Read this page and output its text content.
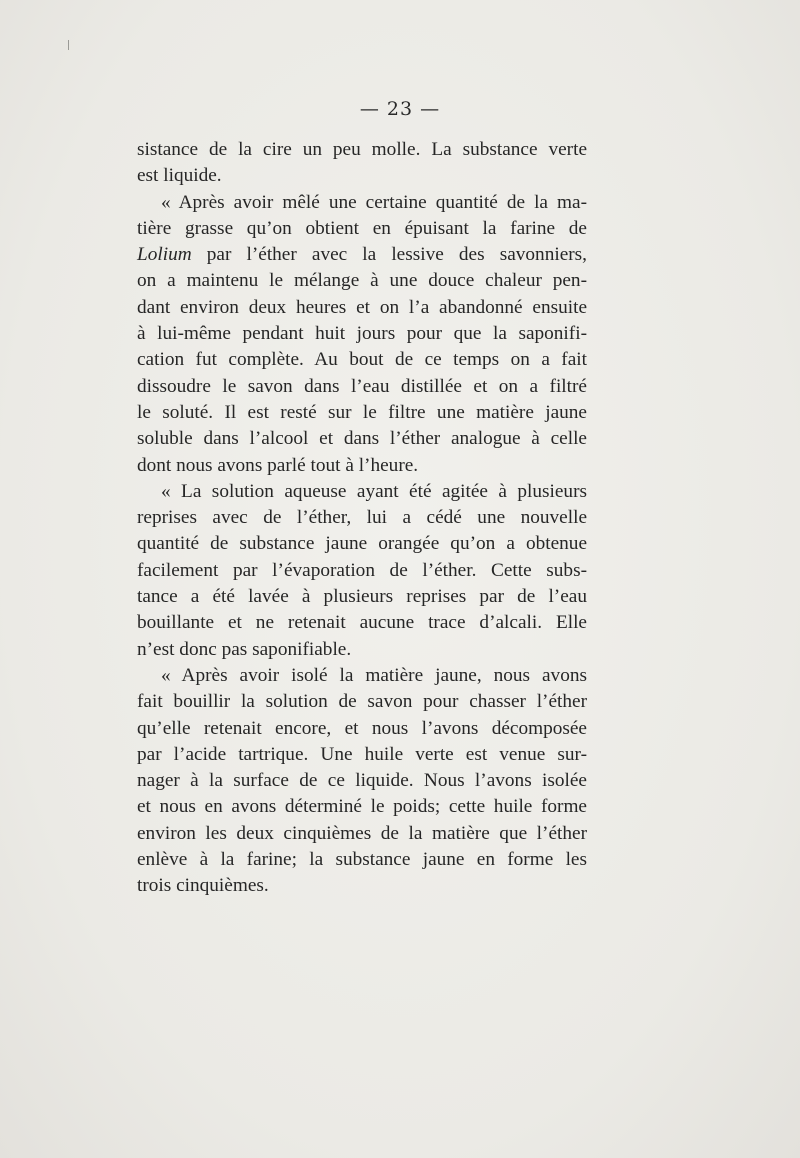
— 23 —
sistance de la cire un peu molle. La substance verte
est liquide.
« Après avoir mêlé une certaine quantité de la ma-
tière grasse qu’on obtient en épuisant la farine de
Lolium par l’éther avec la lessive des savonniers,
on a maintenu le mélange à une douce chaleur pen-
dant environ deux heures et on l’a abandonné ensuite
à lui-même pendant huit jours pour que la saponifi-
cation fut complète. Au bout de ce temps on a fait
dissoudre le savon dans l’eau distillée et on a filtré
le soluté. Il est resté sur le filtre une matière jaune
soluble dans l’alcool et dans l’éther analogue à celle
dont nous avons parlé tout à l’heure.
« La solution aqueuse ayant été agitée à plusieurs
reprises avec de l’éther, lui a cédé une nouvelle
quantité de substance jaune orangée qu’on a obtenue
facilement par l’évaporation de l’éther. Cette subs-
tance a été lavée à plusieurs reprises par de l’eau
bouillante et ne retenait aucune trace d’alcali. Elle
n’est donc pas saponifiable.
« Après avoir isolé la matière jaune, nous avons
fait bouillir la solution de savon pour chasser l’éther
qu’elle retenait encore, et nous l’avons décomposée
par l’acide tartrique. Une huile verte est venue sur-
nager à la surface de ce liquide. Nous l’avons isolée
et nous en avons déterminé le poids; cette huile forme
environ les deux cinquièmes de la matière que l’éther
enlève à la farine; la substance jaune en forme les
trois cinquièmes.
